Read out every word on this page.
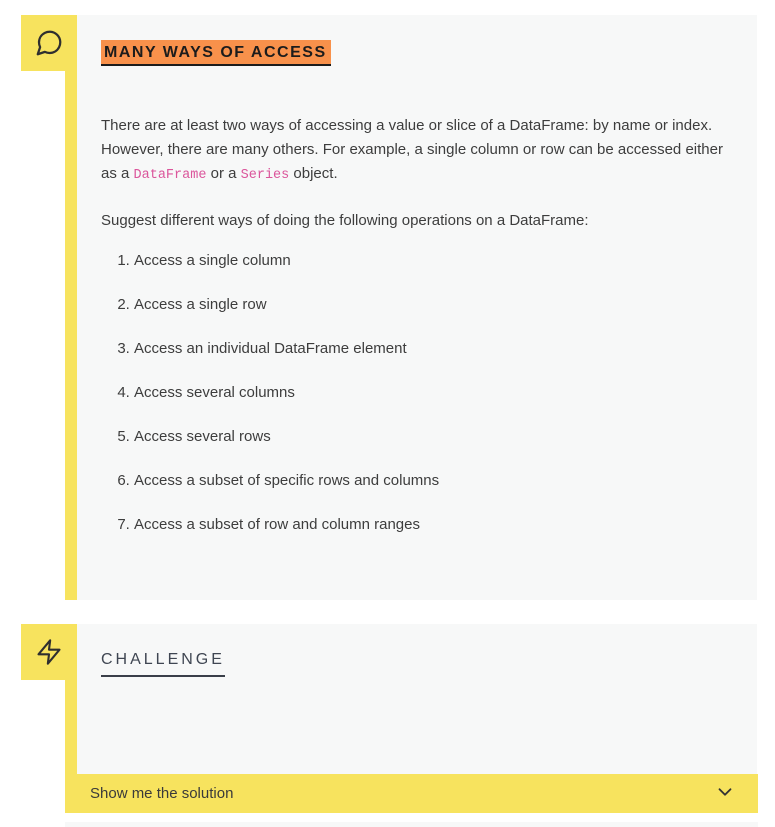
MANY WAYS OF ACCESS

There are at least two ways of accessing a value or slice of a DataFrame: by name or index. However, there are many others. For example, a single column or row can be accessed either as a DataFrame or a Series object.

Suggest different ways of doing the following operations on a DataFrame:

1. Access a single column
2. Access a single row
3. Access an individual DataFrame element
4. Access several columns
5. Access several rows
6. Access a subset of specific rows and columns
7. Access a subset of row and column ranges
CHALLENGE
Show me the solution
